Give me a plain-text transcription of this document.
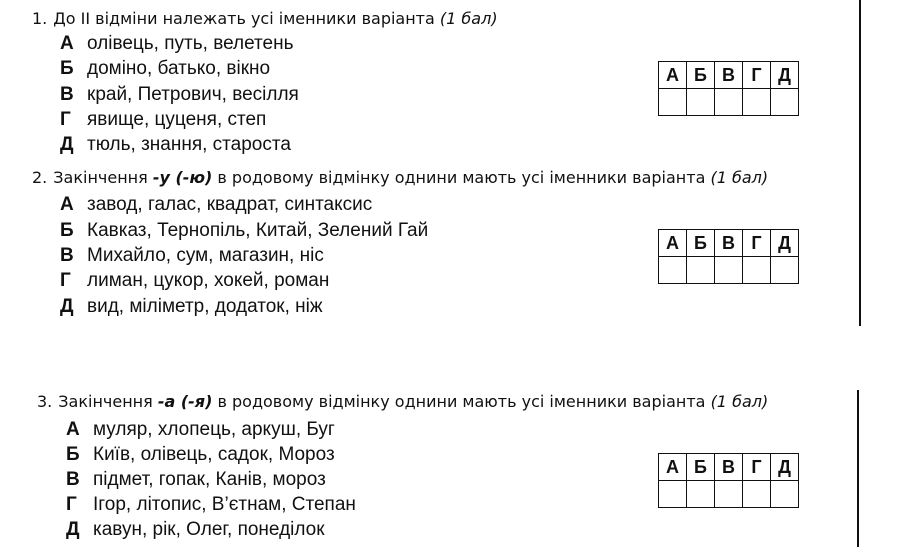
1. До II відміни належать усі іменники варіанта (1 бал)
А олівець, путь, велетень
Б доміно, батько, вікно
В край, Петрович, весілля
Г явище, цуценя, степ
Д тюль, знання, староста
А	Б	В	Г	Д

2. Закінчення -у (-ю) в родовому відмінку однини мають усі іменники варіанта (1 бал)
А завод, галас, квадрат, синтаксис
Б Кавказ, Тернопіль, Китай, Зелений Гай
В Михайло, сум, магазин, ніс
Г лиман, цукор, хокей, роман
Д вид, міліметр, додаток, ніж
А	Б	В	Г	Д

3. Закінчення -а (-я) в родовому відмінку однини мають усі іменники варіанта (1 бал)
А муляр, хлопець, аркуш, Буг
Б Київ, олівець, садок, Мороз
В підмет, гопак, Канів, мороз
Г Ігор, літопис, В’єтнам, Степан
Д кавун, рік, Олег, понеділок
А	Б	В	Г	Д
